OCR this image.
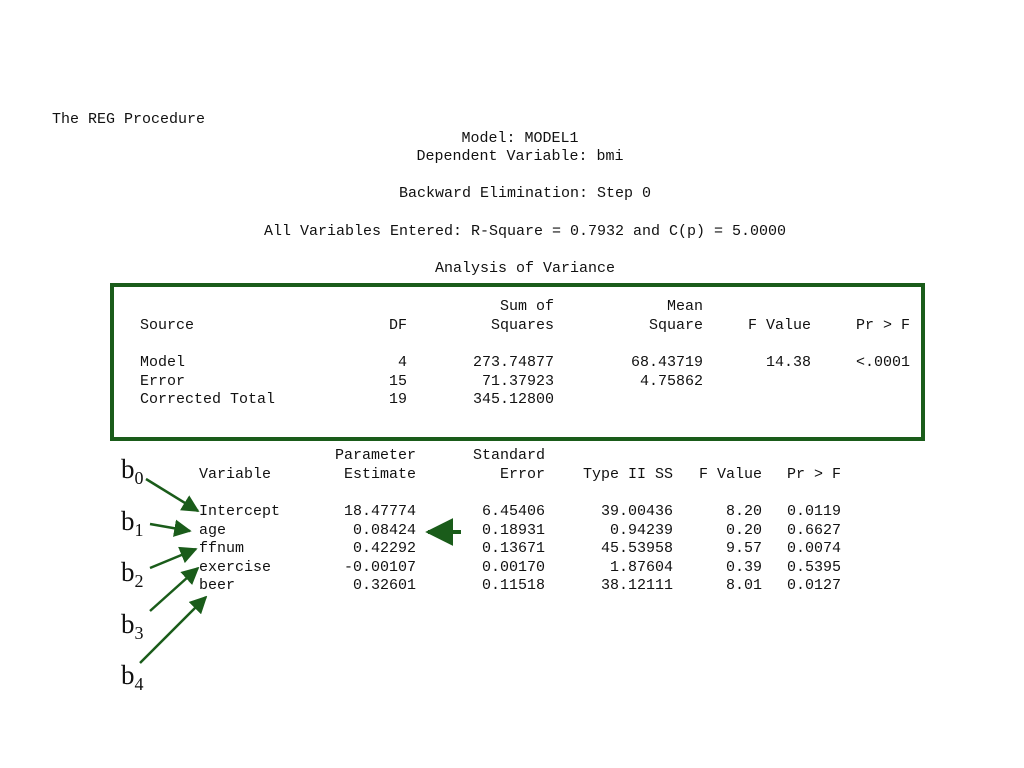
The REG Procedure
Model: MODEL1
Dependent Variable: bmi
Backward Elimination: Step 0
All Variables Entered: R-Square = 0.7932 and C(p) = 5.0000
Analysis of Variance
Sum of	Mean
Source	DF	Squares	Square	F Value	Pr > F
Model	4	273.74877	68.43719	14.38	<.0001
Error	15	71.37923	4.75862
Corrected Total	19	345.12800
Parameter	Standard
Variable	Estimate	Error	Type II SS F Value Pr > F
Intercept	18.47774	6.45406	39.00436	8.20 0.0119
age	0.08424	0.18931	0.94239	0.20 0.6627
ffnum	0.42292	0.13671	45.53958	9.57 0.0074
exercise	-0.00107	0.00170	1.87604	0.39 0.5395
beer	0.32601	0.11518	38.12111	8.01 0.0127
$b_0$
$b_1$
$b_2$
$b_3$
$b_4$
